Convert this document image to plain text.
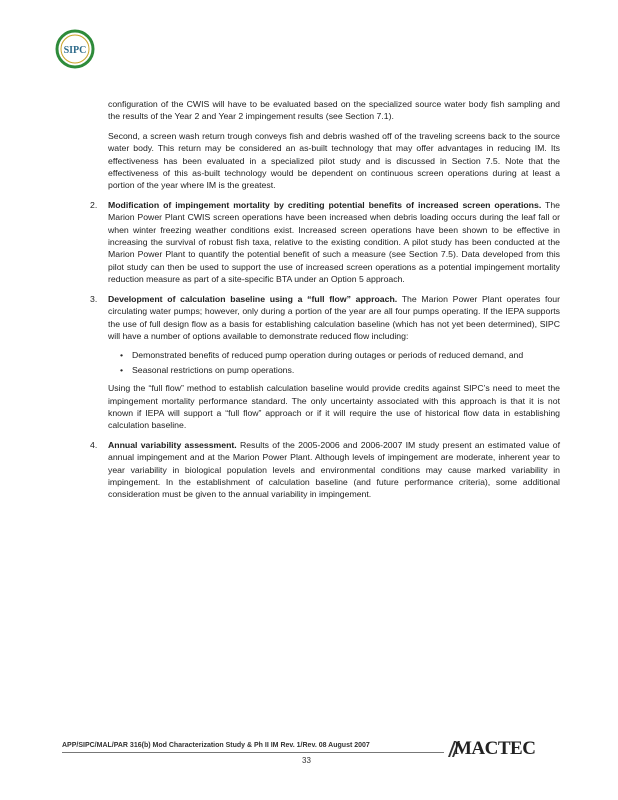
SIPC

configuration of the CWIS will have to be evaluated based on the specialized source water body fish sampling and the results of the Year 2 and Year 2 impingement results (see Section 7.1).

Second, a screen wash return trough conveys fish and debris washed off of the traveling screens back to the source water body. This return may be considered an as-built technology that may offer advantages in reducing IM. Its effectiveness has been evaluated in a specialized pilot study and is discussed in Section 7.5. Note that the effectiveness of this as-built technology would be dependent on continuous screen operations during at least a portion of the year where IM is the greatest.

2. Modification of impingement mortality by crediting potential benefits of increased screen operations. The Marion Power Plant CWIS screen operations have been increased when debris loading occurs during the leaf fall or when winter freezing weather conditions exist. Increased screen operations have been shown to be effective in increasing the survival of robust fish taxa, relative to the existing condition. A pilot study has been conducted at the Marion Power Plant to quantify the potential benefit of such a measure (see Section 7.5). Data developed from this pilot study can then be used to support the use of increased screen operations as a potential impingement mortality reduction measure as part of a site-specific BTA under an Option 5 approach.
3. Development of calculation baseline using a “full flow” approach. The Marion Power Plant operates four circulating water pumps; however, only during a portion of the year are all four pumps operating. If the IEPA supports the use of full design flow as a basis for establishing calculation baseline (which has not yet been determined), SIPC will have a number of options available to demonstrate reduced flow including:
• Demonstrated benefits of reduced pump operation during outages or periods of reduced demand, and
• Seasonal restrictions on pump operations.

Using the “full flow” method to establish calculation baseline would provide credits against SIPC’s need to meet the impingement mortality performance standard. The only uncertainty associated with this approach is that it is not known if IEPA will support a “full flow” approach or if it will require the use of historical flow data in establishing calculation baseline.

4. Annual variability assessment. Results of the 2005-2006 and 2006-2007 IM study present an estimated value of annual impingement and at the Marion Power Plant. Although levels of impingement are moderate, inherent year to year variability in biological population levels and environmental conditions may cause marked variability in impingement. In the establishment of calculation baseline (and future performance criteria), some additional consideration must be given to the annual variability in impingement.
APP/SIPC/MAL/PAR 316(b) Mod Characterization Study & Ph II IM Rev. 1/Rev. 08 August 2007
33
MACTEC
